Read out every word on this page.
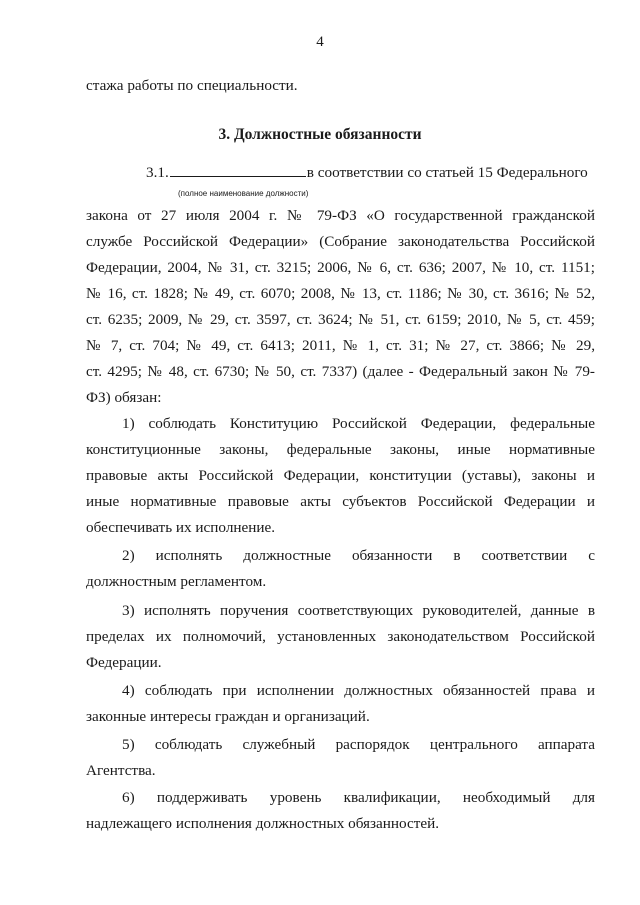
4
стажа работы по специальности.
3. Должностные обязанности
3.1.	в соответствии со статьей 15 Федерального
(полное наименование должности)
закона от 27 июля 2004 г. № 79-ФЗ «О государственной гражданской
службе Российской Федерации» (Собрание законодательства Российской
Федерации, 2004, № 31, ст. 3215; 2006, № 6, ст. 636; 2007, № 10, ст. 1151;
№ 16, ст. 1828; № 49, ст. 6070; 2008, № 13, ст. 1186; № 30, ст. 3616; № 52,
ст. 6235; 2009, № 29, ст. 3597, ст. 3624; № 51, ст. 6159; 2010, № 5, ст. 459;
№ 7, ст. 704; № 49, ст. 6413; 2011, № 1, ст. 31; № 27, ст. 3866; № 29,
ст. 4295; № 48, ст. 6730; № 50, ст. 7337) (далее - Федеральный закон № 79-
ФЗ) обязан:
1) соблюдать Конституцию Российской Федерации, федеральные
конституционные законы, федеральные законы, иные нормативные
правовые акты Российской Федерации, конституции (уставы), законы и
иные нормативные правовые акты субъектов Российской Федерации и
обеспечивать их исполнение.
2) исполнять должностные обязанности в соответствии с
должностным регламентом.
3) исполнять поручения соответствующих руководителей, данные в
пределах их полномочий, установленных законодательством Российской
Федерации.
4) соблюдать при исполнении должностных обязанностей права и
законные интересы граждан и организаций.
5) соблюдать служебный распорядок центрального аппарата
Агентства.
6) поддерживать уровень квалификации, необходимый для
надлежащего исполнения должностных обязанностей.
